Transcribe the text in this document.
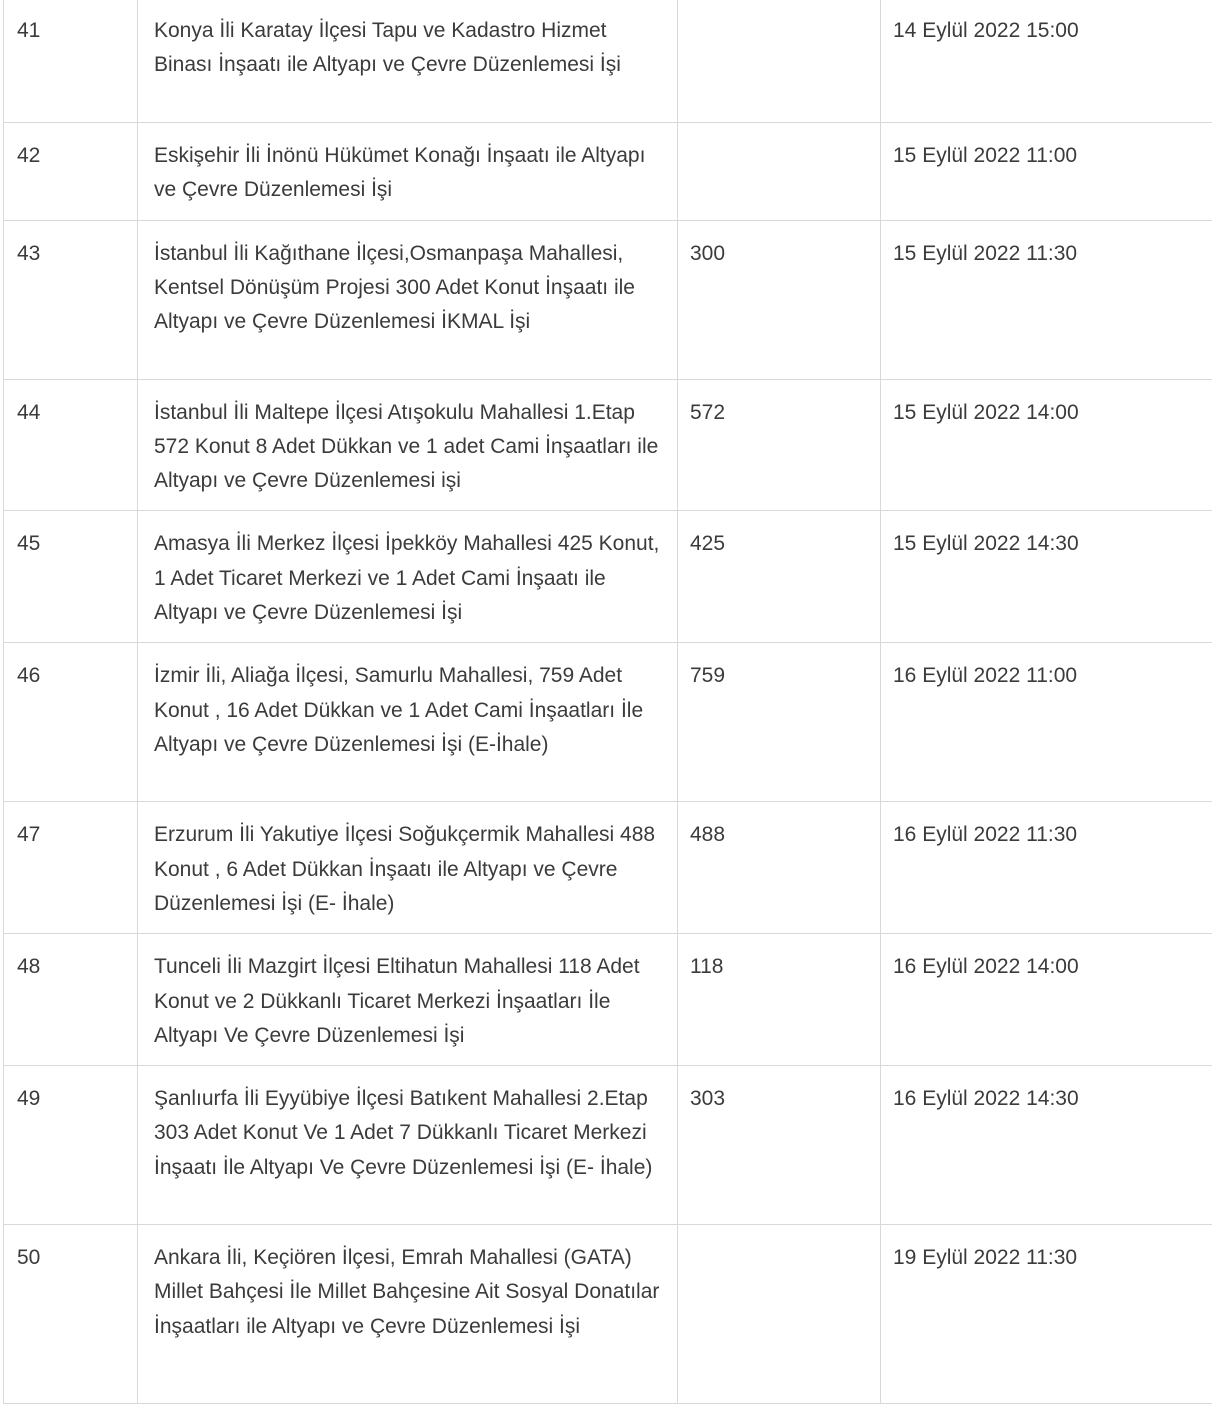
41	Konya İli Karatay İlçesi Tapu ve Kadastro Hizmet Binası İnşaatı ile Altyapı ve Çevre Düzenlemesi İşi		14 Eylül 2022 15:00
42	Eskişehir İli İnönü Hükümet Konağı İnşaatı ile Altyapı ve Çevre Düzenlemesi İşi		15 Eylül 2022 11:00
43	İstanbul İli Kağıthane İlçesi,Osmanpaşa Mahallesi, Kentsel Dönüşüm Projesi 300 Adet Konut İnşaatı ile Altyapı ve Çevre Düzenlemesi İKMAL İşi	300	15 Eylül 2022 11:30
44	İstanbul İli Maltepe İlçesi Atışokulu Mahallesi 1.Etap 572 Konut 8 Adet Dükkan ve 1 adet Cami İnşaatları ile Altyapı ve Çevre Düzenlemesi işi	572	15 Eylül 2022 14:00
45	Amasya İli Merkez İlçesi İpekköy Mahallesi 425 Konut, 1 Adet Ticaret Merkezi ve 1 Adet Cami İnşaatı ile Altyapı ve Çevre Düzenlemesi İşi	425	15 Eylül 2022 14:30
46	İzmir İli, Aliağa İlçesi, Samurlu Mahallesi, 759 Adet Konut , 16 Adet Dükkan ve 1 Adet Cami İnşaatları İle Altyapı ve Çevre Düzenlemesi İşi (E-İhale)	759	16 Eylül 2022 11:00
47	Erzurum İli Yakutiye İlçesi Soğukçermik Mahallesi 488 Konut , 6 Adet Dükkan İnşaatı ile Altyapı ve Çevre Düzenlemesi İşi (E- İhale)	488	16 Eylül 2022 11:30
48	Tunceli İli Mazgirt İlçesi Eltihatun Mahallesi 118 Adet Konut ve 2 Dükkanlı Ticaret Merkezi İnşaatları İle Altyapı Ve Çevre Düzenlemesi İşi	118	16 Eylül 2022 14:00
49	Şanlıurfa İli Eyyübiye İlçesi Batıkent Mahallesi 2.Etap 303 Adet Konut Ve 1 Adet 7 Dükkanlı Ticaret Merkezi İnşaatı İle Altyapı Ve Çevre Düzenlemesi İşi (E- İhale)	303	16 Eylül 2022 14:30
50	Ankara İli, Keçiören İlçesi, Emrah Mahallesi (GATA) Millet Bahçesi İle Millet Bahçesine Ait Sosyal Donatılar İnşaatları ile Altyapı ve Çevre Düzenlemesi İşi		19 Eylül 2022 11:30
